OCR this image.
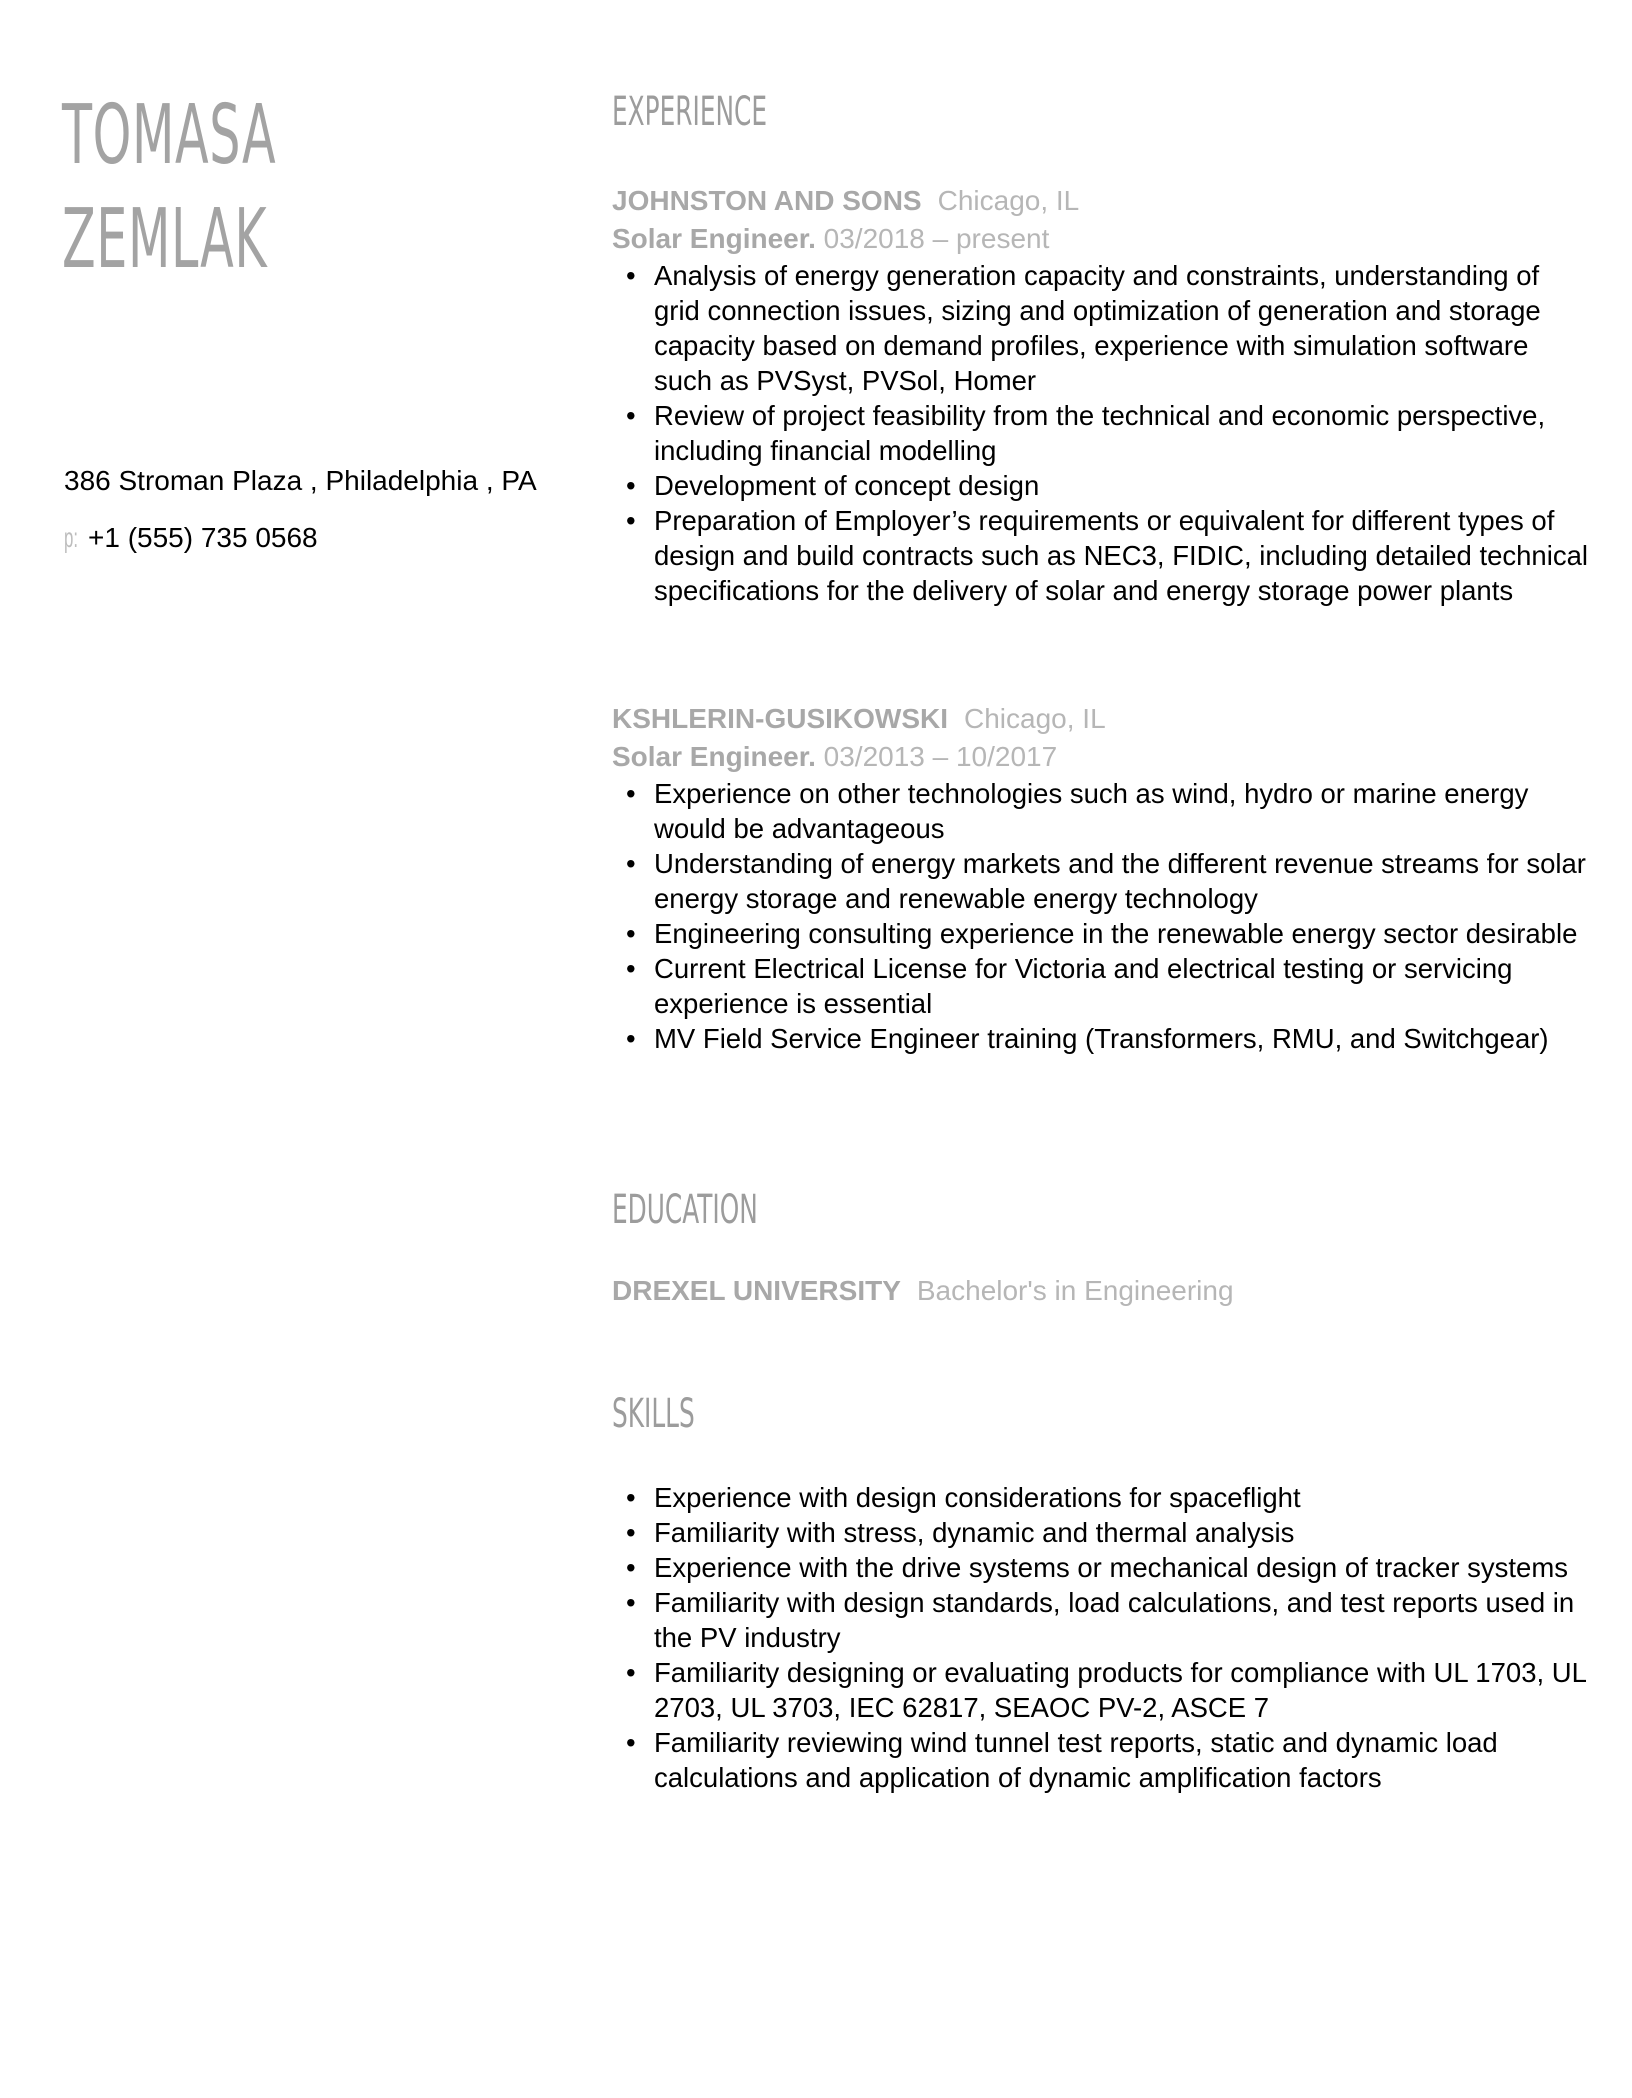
TOMASA
ZEMLAK
386 Stroman Plaza , Philadelphia , PA
p: +1 (555) 735 0568
EXPERIENCE
JOHNSTON AND SONS Chicago, IL
Solar Engineer. 03/2018 – present
• Analysis of energy generation capacity and constraints, understanding of grid connection issues, sizing and optimization of generation and storage capacity based on demand profiles, experience with simulation software such as PVSyst, PVSol, Homer
• Review of project feasibility from the technical and economic perspective, including financial modelling
• Development of concept design
• Preparation of Employer’s requirements or equivalent for different types of design and build contracts such as NEC3, FIDIC, including detailed technical specifications for the delivery of solar and energy storage power plants
KSHLERIN-GUSIKOWSKI Chicago, IL
Solar Engineer. 03/2013 – 10/2017
• Experience on other technologies such as wind, hydro or marine energy would be advantageous
• Understanding of energy markets and the different revenue streams for solar energy storage and renewable energy technology
• Engineering consulting experience in the renewable energy sector desirable
• Current Electrical License for Victoria and electrical testing or servicing experience is essential
• MV Field Service Engineer training (Transformers, RMU, and Switchgear)
EDUCATION
DREXEL UNIVERSITY Bachelor's in Engineering
SKILLS
• Experience with design considerations for spaceflight
• Familiarity with stress, dynamic and thermal analysis
• Experience with the drive systems or mechanical design of tracker systems
• Familiarity with design standards, load calculations, and test reports used in the PV industry
• Familiarity designing or evaluating products for compliance with UL 1703, UL 2703, UL 3703, IEC 62817, SEAOC PV-2, ASCE 7
• Familiarity reviewing wind tunnel test reports, static and dynamic load calculations and application of dynamic amplification factors
